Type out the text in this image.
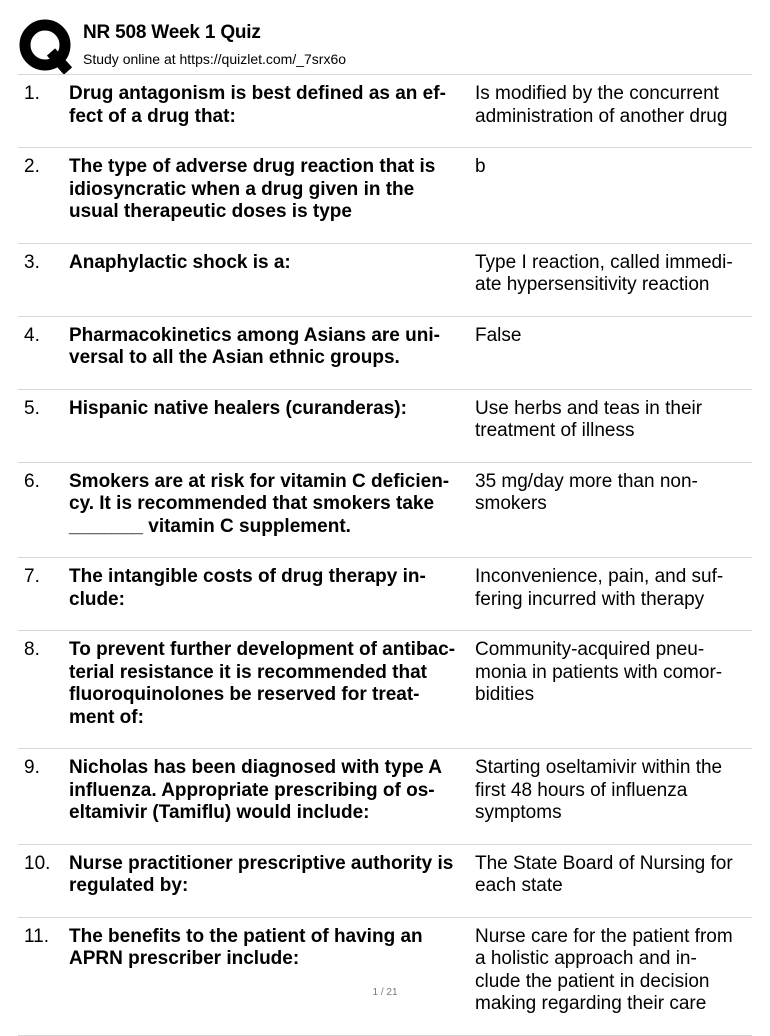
NR 508 Week 1 Quiz
Study online at https://quizlet.com/_7srx6o
1. Drug antagonism is best defined as an ef-
fect of a drug that:
Is modified by the concurrent
administration of another drug
2. The type of adverse drug reaction that is
idiosyncratic when a drug given in the
usual therapeutic doses is type
b
3. Anaphylactic shock is a:	Type I reaction, called immedi-
ate hypersensitivity reaction
4. Pharmacokinetics among Asians are uni-
versal to all the Asian ethnic groups.
False
5. Hispanic native healers (curanderas):	Use herbs and teas in their
treatment of illness
6. Smokers are at risk for vitamin C deficien-
cy. It is recommended that smokers take
_______ vitamin C supplement.
35 mg/day more than non-
smokers
7. The intangible costs of drug therapy in-
clude:
Inconvenience, pain, and suf-
fering incurred with therapy
8. To prevent further development of antibac-
terial resistance it is recommended that
fluoroquinolones be reserved for treat-
ment of:
Community-acquired pneu-
monia in patients with comor-
bidities
9. Nicholas has been diagnosed with type A
influenza. Appropriate prescribing of os-
eltamivir (Tamiflu) would include:
Starting oseltamivir within the
first 48 hours of influenza
symptoms
10. Nurse practitioner prescriptive authority is
regulated by:
The State Board of Nursing for
each state
11. The benefits to the patient of having an
APRN prescriber include:
Nurse care for the patient from
a holistic approach and in-
clude the patient in decision
making regarding their care
1 / 21
